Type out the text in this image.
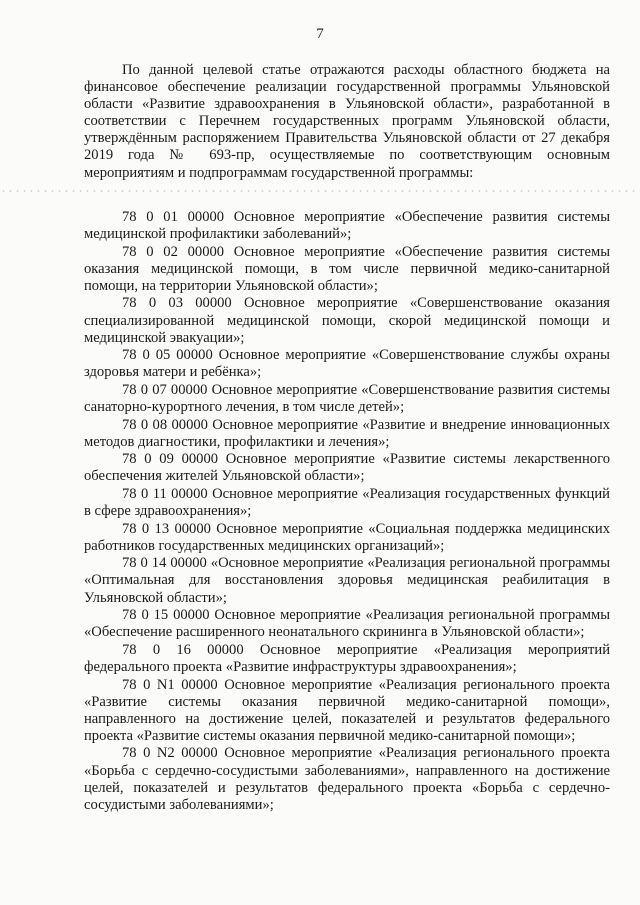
7

По данной целевой статье отражаются расходы областного бюджета на финансовое обеспечение реализации государственной программы Ульяновской области «Развитие здравоохранения в Ульяновской области», разработанной в соответствии с Перечнем государственных программ Ульяновской области, утверждённым распоряжением Правительства Ульяновской области от 27 декабря 2019 года № 693-пр, осуществляемые по соответствующим основным мероприятиям и подпрограммам государственной программы:

78 0 01 00000 Основное мероприятие «Обеспечение развития системы медицинской профилактики заболеваний»;

78 0 02 00000 Основное мероприятие «Обеспечение развития системы оказания медицинской помощи, в том числе первичной медико-санитарной помощи, на территории Ульяновской области»;

78 0 03 00000 Основное мероприятие «Совершенствование оказания специализированной медицинской помощи, скорой медицинской помощи и медицинской эвакуации»;

78 0 05 00000 Основное мероприятие «Совершенствование службы охраны здоровья матери и ребёнка»;

78 0 07 00000 Основное мероприятие «Совершенствование развития системы санаторно-курортного лечения, в том числе детей»;

78 0 08 00000 Основное мероприятие «Развитие и внедрение инновационных методов диагностики, профилактики и лечения»;

78 0 09 00000 Основное мероприятие «Развитие системы лекарственного обеспечения жителей Ульяновской области»;

78 0 11 00000 Основное мероприятие «Реализация государственных функций в сфере здравоохранения»;

78 0 13 00000 Основное мероприятие «Социальная поддержка медицинских работников государственных медицинских организаций»;

78 0 14 00000 «Основное мероприятие «Реализация региональной программы «Оптимальная для восстановления здоровья медицинская реабилитация в Ульяновской области»;

78 0 15 00000 Основное мероприятие «Реализация региональной программы «Обеспечение расширенного неонатального скрининга в Ульяновской области»;

78 0 16 00000 Основное мероприятие «Реализация мероприятий федерального проекта «Развитие инфраструктуры здравоохранения»;

78 0 N1 00000 Основное мероприятие «Реализация регионального проекта «Развитие системы оказания первичной медико-санитарной помощи», направленного на достижение целей, показателей и результатов федерального проекта «Развитие системы оказания первичной медико-санитарной помощи»;

78 0 N2 00000 Основное мероприятие «Реализация регионального проекта «Борьба с сердечно-сосудистыми заболеваниями», направленного на достижение целей, показателей и результатов федерального проекта «Борьба с сердечно-сосудистыми заболеваниями»;
